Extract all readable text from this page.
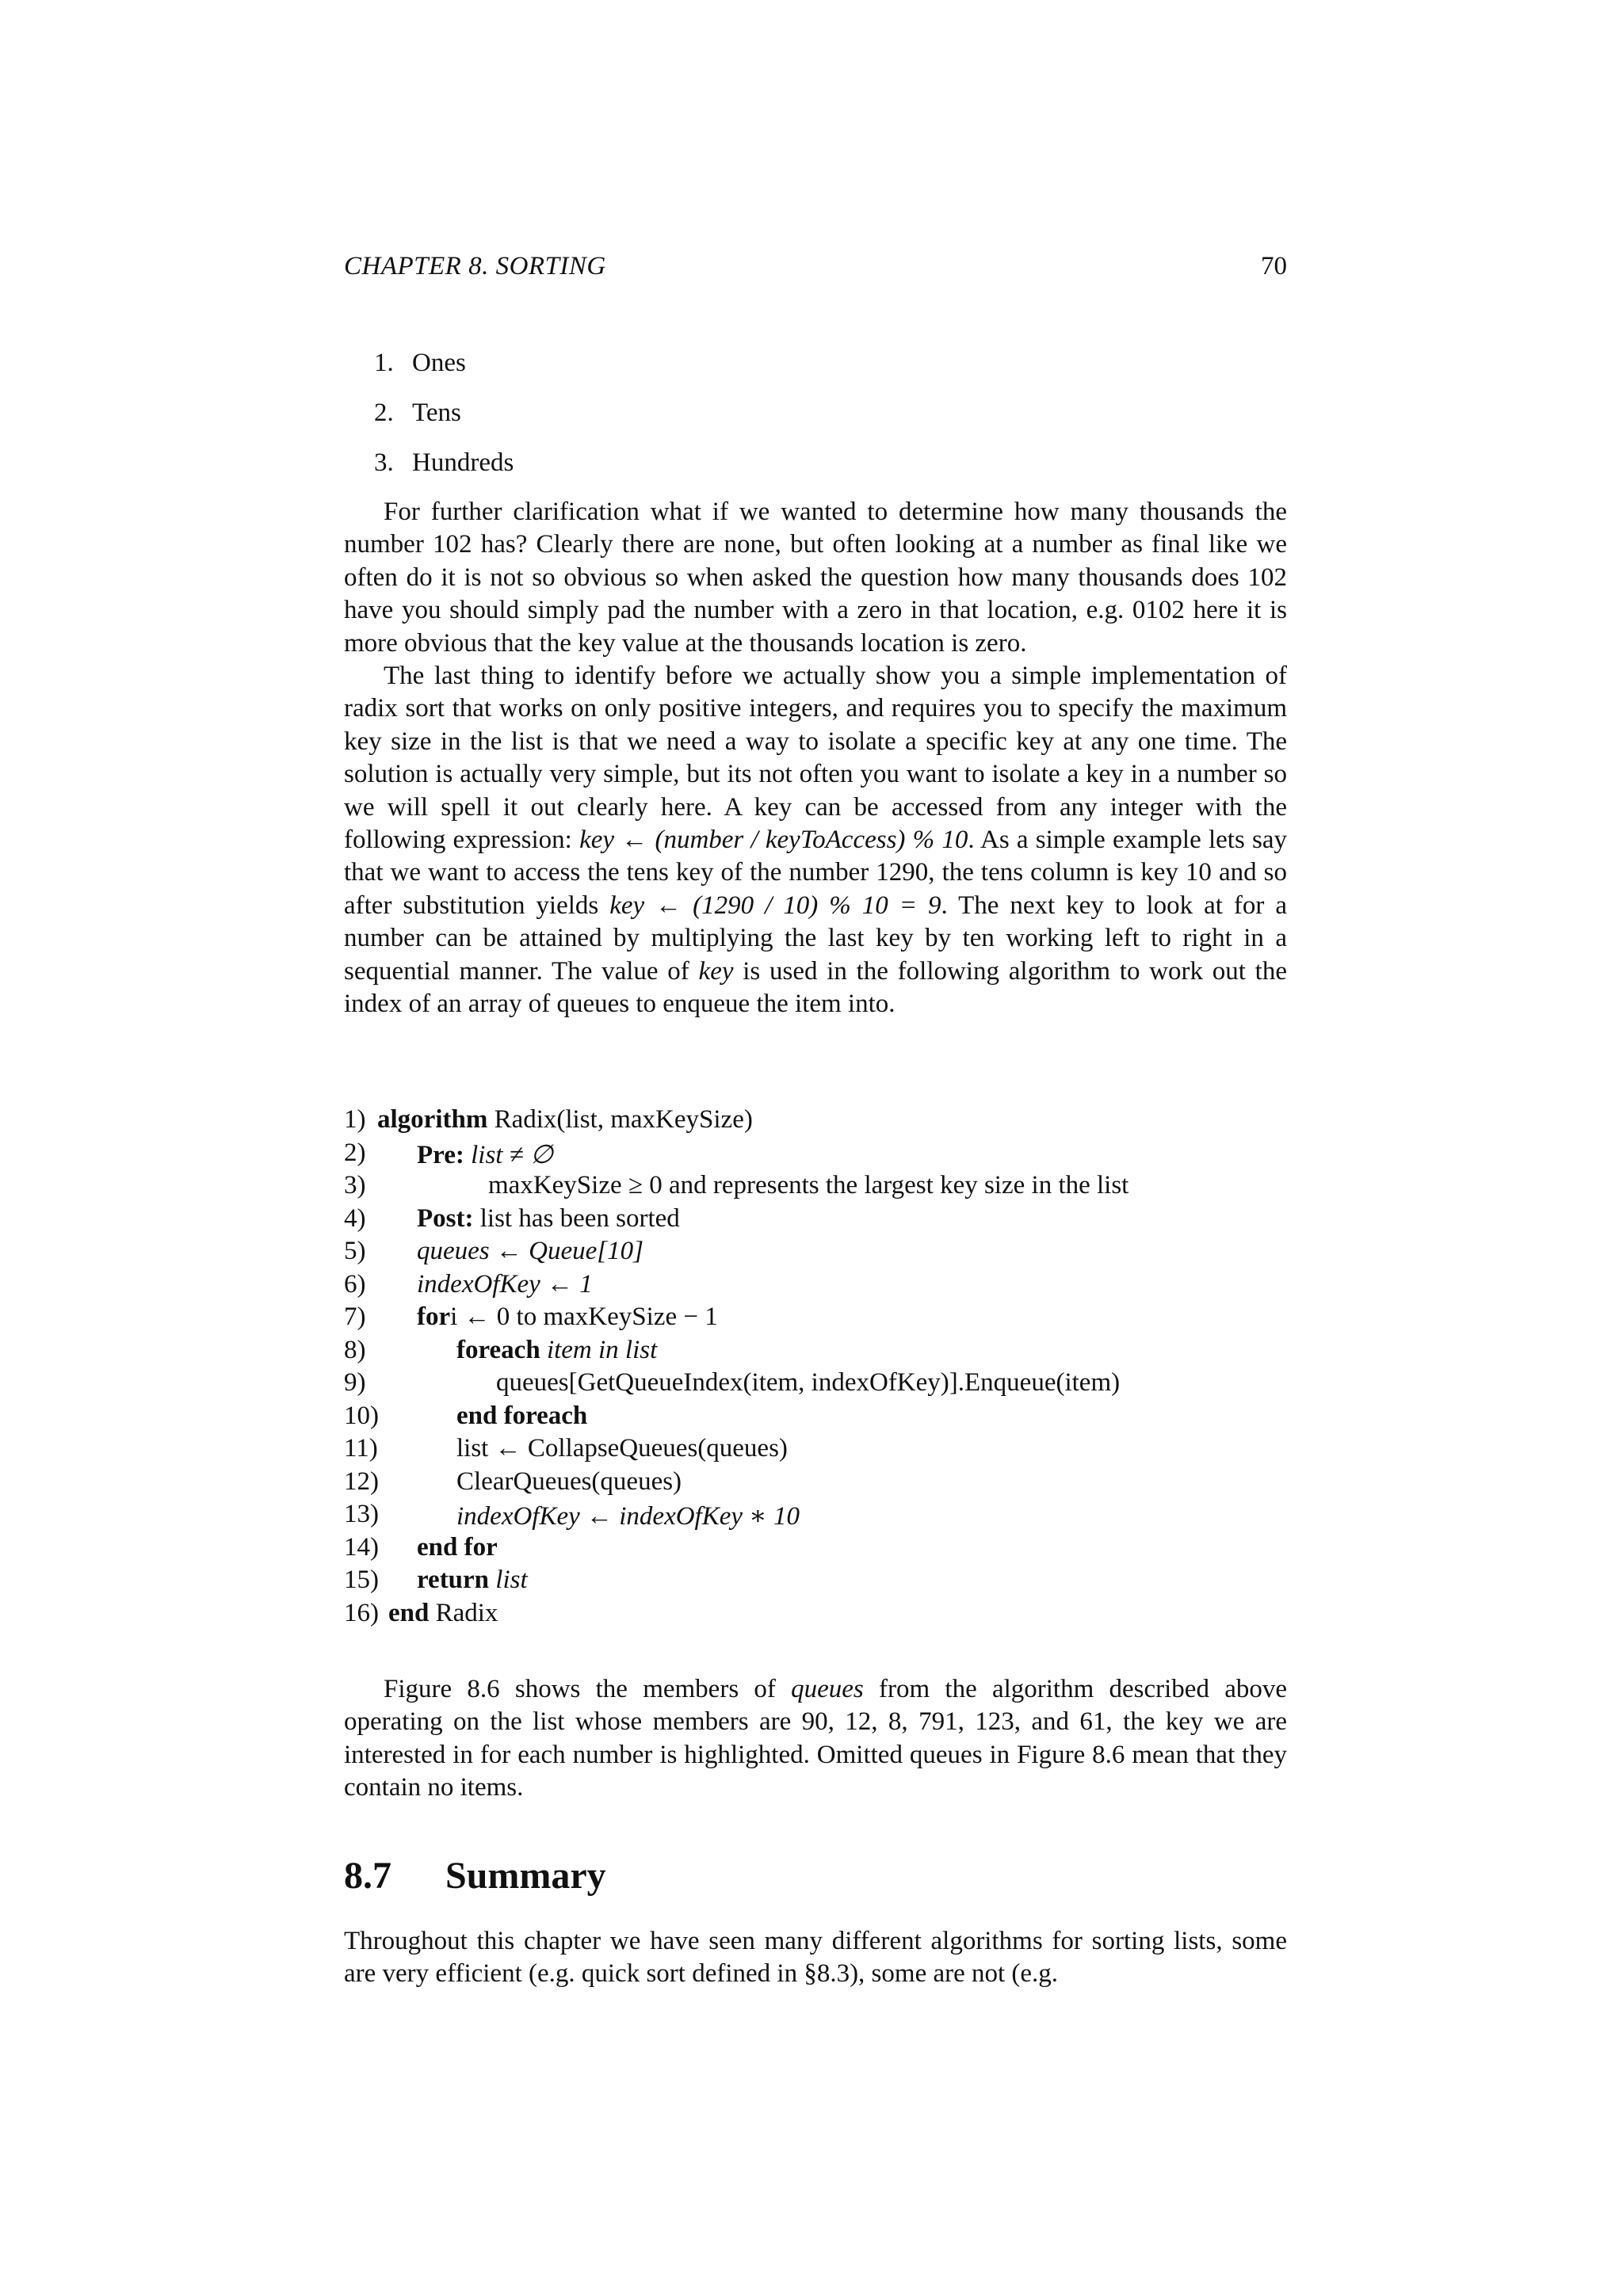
CHAPTER 8. SORTING	70
1. Ones
2. Tens
3. Hundreds

For further clarification what if we wanted to determine how many thousands the number 102 has? Clearly there are none, but often looking at a number as final like we often do it is not so obvious so when asked the question how many thousands does 102 have you should simply pad the number with a zero in that location, e.g. 0102 here it is more obvious that the key value at the thousands location is zero.

The last thing to identify before we actually show you a simple implementation of radix sort that works on only positive integers, and requires you to specify the maximum key size in the list is that we need a way to isolate a specific key at any one time. The solution is actually very simple, but its not often you want to isolate a key in a number so we will spell it out clearly here. A key can be accessed from any integer with the following expression: key ← (number / keyToAccess) % 10. As a simple example lets say that we want to access the tens key of the number 1290, the tens column is key 10 and so after substitution yields key ← (1290 / 10) % 10 = 9. The next key to look at for a number can be attained by multiplying the last key by ten working left to right in a sequential manner. The value of key is used in the following algorithm to work out the index of an array of queues to enqueue the item into.

1) algorithm Radix(list, maxKeySize)
2) Pre: list ≠ ∅
3)	maxKeySize ≥ 0 and represents the largest key size in the list
4) Post: list has been sorted
5) queues ← Queue[10]
6) indexOfKey ← 1
7) fori ← 0 to maxKeySize − 1
8)	foreach item in list
9)	queues[GetQueueIndex(item, indexOfKey)].Enqueue(item)
10)	end foreach
11)	list ← CollapseQueues(queues)
12)	ClearQueues(queues)
13)	indexOfKey ← indexOfKey ∗ 10
14) end for
15) return list
16) end Radix

Figure 8.6 shows the members of queues from the algorithm described above operating on the list whose members are 90, 12, 8, 791, 123, and 61, the key we are interested in for each number is highlighted. Omitted queues in Figure 8.6 mean that they contain no items.

8.7 Summary

Throughout this chapter we have seen many different algorithms for sorting lists, some are very efficient (e.g. quick sort defined in §8.3), some are not (e.g.
